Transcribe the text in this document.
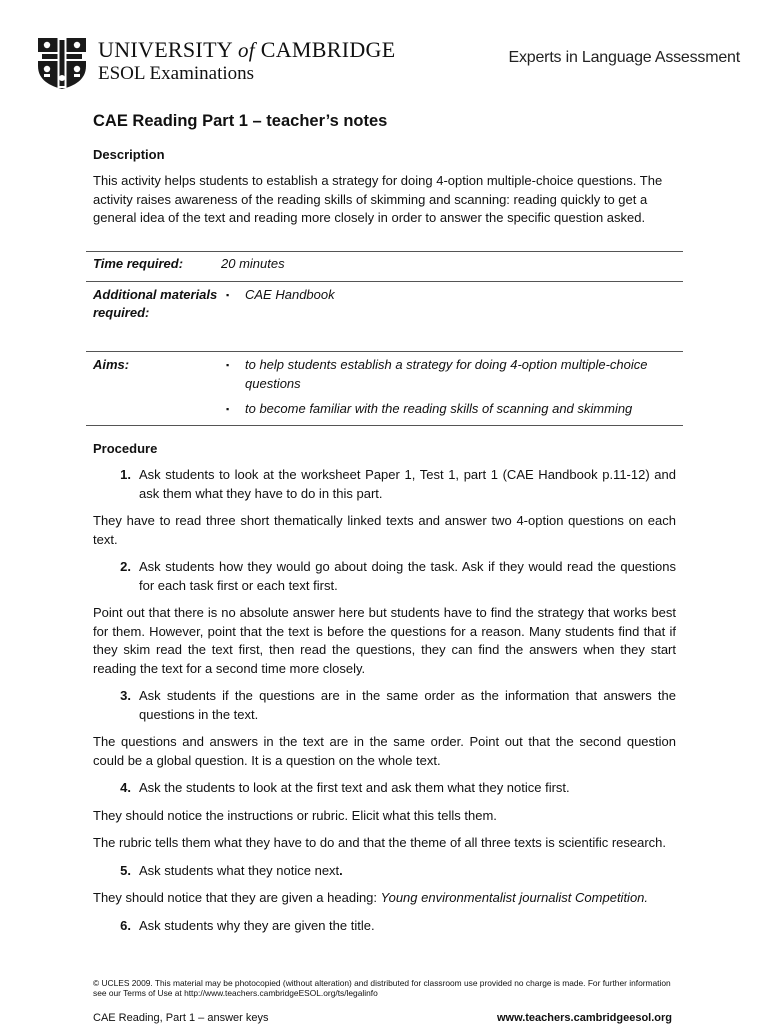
UNIVERSITY of CAMBRIDGE
ESOL Examinations
Experts in Language Assessment
CAE Reading Part 1 – teacher’s notes
Description

This activity helps students to establish a strategy for doing 4-option multiple-choice questions. The activity raises awareness of the reading skills of skimming and scanning: reading quickly to get a general idea of the text and reading more closely in order to answer the specific question asked.

Time required:	20 minutes
Additional materials required:	▪ CAE Handbook

Aims:	▪ to help students establish a strategy for doing 4-option multiple-choice questions
▪ to become familiar with the reading skills of scanning and skimming
Procedure
1. Ask students to look at the worksheet Paper 1, Test 1, part 1 (CAE Handbook p.11-12) and ask them what they have to do in this part.

They have to read three short thematically linked texts and answer two 4-option questions on each text.

2. Ask students how they would go about doing the task. Ask if they would read the questions for each task first or each text first.

Point out that there is no absolute answer here but students have to find the strategy that works best for them. However, point that the text is before the questions for a reason. Many students find that if they skim read the text first, then read the questions, they can find the answers when they start reading the text for a second time more closely.

3. Ask students if the questions are in the same order as the information that answers the questions in the text.

The questions and answers in the text are in the same order. Point out that the second question could be a global question. It is a question on the whole text.

4. Ask the students to look at the first text and ask them what they notice first.

They should notice the instructions or rubric. Elicit what this tells them.

The rubric tells them what they have to do and that the theme of all three texts is scientific research.

5. Ask students what they notice next.

They should notice that they are given a heading: Young environmentalist journalist Competition.

6. Ask students why they are given the title.
© UCLES 2009. This material may be photocopied (without alteration) and distributed for classroom use provided no charge is made. For further information see our Terms of Use at http://www.teachers.cambridgeESOL.org/ts/legalinfo
CAE Reading, Part 1 – answer keys	www.teachers.cambridgeesol.org
